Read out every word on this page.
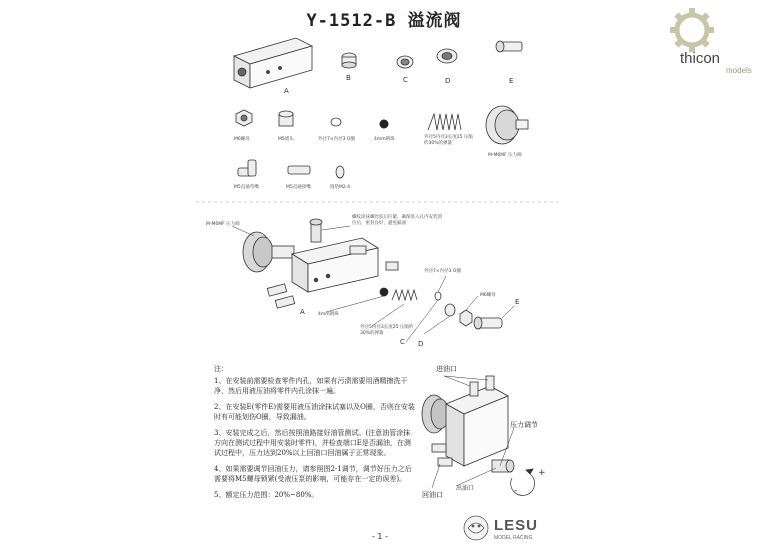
Y-1512-B 溢流阀
thicon
models
A
B	C	D	E
M6螺母	M5堵头	外径7×内径3 O圈	4mm钢珠	外径5内径3长度25 压缩约30%的弹簧
M-M6MF 压力阀
M5直通弯嘴	M5直通接嘴	圆垫M2.4
M-M6MF 压力阀
螺纹涂抹螺丝胶后拧紧，确保进入孔内安装到位后，密封良好，避免漏油
4mm钢珠
外径5内径3长度25 压缩约30%的弹簧
外径7×内径3 O圈
M6螺母
A
C D
E
注：
1、在安装前需要检查零件内孔，如果有污渍需要用酒精擦洗干净，然后用液压油将零件内孔涂抹一遍。
2、在安装E(零件E)需要用液压油涂抹试塞以及O圈，否则在安装时有可能划伤O圈，导致漏油。
3、安装完成之后，然后按照油路接好油管测试。(注意油管涂抹方向在测试过程中用安装时零件)，并检查端口E是否漏油，在测试过程中，压力达到20%以上回油口回油属于正常现象。
4、如果需要调节回油压力，请参照图2-1调节，调节好压力之后需要将M5螺母锁紧(受液压泵的影响，可能存在一定的误差)。
5、额定压力范围：20%~80%。
进油口
压力调节
回油口
出油口
+
-
- 1 -
LESU
MODEL RACING
